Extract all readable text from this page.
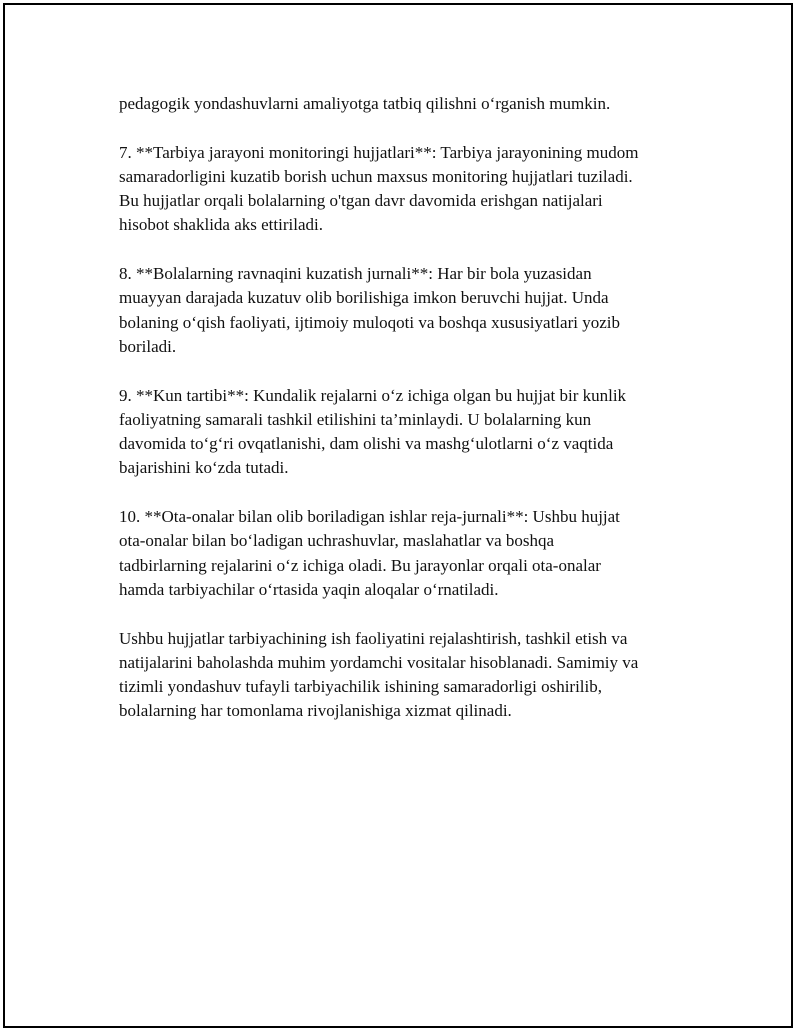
pedagogik yondashuvlarni amaliyotga tatbiq qilishni o‘rganish mumkin.

7. **Tarbiya jarayoni monitoringi hujjatlari**: Tarbiya jarayonining mudom
samaradorligini kuzatib borish uchun maxsus monitoring hujjatlari tuziladi.
Bu hujjatlar orqali bolalarning o'tgan davr davomida erishgan natijalari
hisobot shaklida aks ettiriladi.

8. **Bolalarning ravnaqini kuzatish jurnali**: Har bir bola yuzasidan
muayyan darajada kuzatuv olib borilishiga imkon beruvchi hujjat. Unda
bolaning o‘qish faoliyati, ijtimoiy muloqoti va boshqa xususiyatlari yozib
boriladi.

9. **Kun tartibi**: Kundalik rejalarni o‘z ichiga olgan bu hujjat bir kunlik
faoliyatning samarali tashkil etilishini ta’minlaydi. U bolalarning kun
davomida to‘g‘ri ovqatlanishi, dam olishi va mashg‘ulotlarni o‘z vaqtida
bajarishini ko‘zda tutadi.

10. **Ota-onalar bilan olib boriladigan ishlar reja-jurnali**: Ushbu hujjat
ota-onalar bilan bo‘ladigan uchrashuvlar, maslahatlar va boshqa
tadbirlarning rejalarini o‘z ichiga oladi. Bu jarayonlar orqali ota-onalar
hamda tarbiyachilar o‘rtasida yaqin aloqalar o‘rnatiladi.

Ushbu hujjatlar tarbiyachining ish faoliyatini rejalashtirish, tashkil etish va
natijalarini baholashda muhim yordamchi vositalar hisoblanadi. Samimiy va
tizimli yondashuv tufayli tarbiyachilik ishining samaradorligi oshirilib,
bolalarning har tomonlama rivojlanishiga xizmat qilinadi.
